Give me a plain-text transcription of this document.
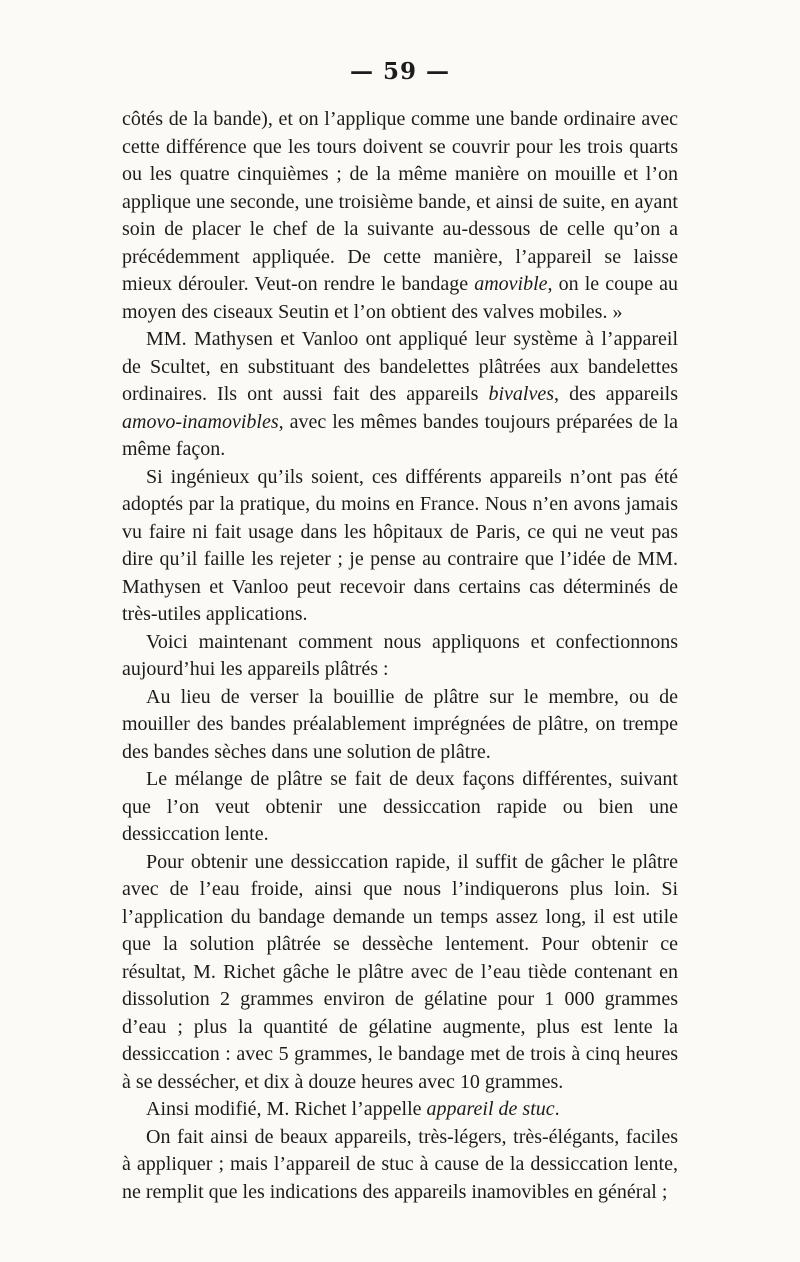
— 59 —

côtés de la bande), et on l’applique comme une bande ordinaire avec cette différence que les tours doivent se couvrir pour les trois quarts ou les quatre cinquièmes ; de la même manière on mouille et l’on applique une seconde, une troisième bande, et ainsi de suite, en ayant soin de placer le chef de la suivante au-dessous de celle qu’on a précédemment appliquée. De cette manière, l’appareil se laisse mieux dérouler. Veut-on rendre le bandage amovible, on le coupe au moyen des ciseaux Seutin et l’on obtient des valves mobiles. »

MM. Mathysen et Vanloo ont appliqué leur système à l’appareil de Scultet, en substituant des bandelettes plâtrées aux bandelettes ordinaires. Ils ont aussi fait des appareils bivalves, des appareils amovo-inamovibles, avec les mêmes bandes toujours préparées de la même façon.

Si ingénieux qu’ils soient, ces différents appareils n’ont pas été adoptés par la pratique, du moins en France. Nous n’en avons jamais vu faire ni fait usage dans les hôpitaux de Paris, ce qui ne veut pas dire qu’il faille les rejeter ; je pense au contraire que l’idée de MM. Mathysen et Vanloo peut recevoir dans certains cas déterminés de très-utiles applications.

Voici maintenant comment nous appliquons et confectionnons aujourd’hui les appareils plâtrés :

Au lieu de verser la bouillie de plâtre sur le membre, ou de mouiller des bandes préalablement imprégnées de plâtre, on trempe des bandes sèches dans une solution de plâtre.

Le mélange de plâtre se fait de deux façons différentes, suivant que l’on veut obtenir une dessiccation rapide ou bien une dessiccation lente.

Pour obtenir une dessiccation rapide, il suffit de gâcher le plâtre avec de l’eau froide, ainsi que nous l’indiquerons plus loin. Si l’application du bandage demande un temps assez long, il est utile que la solution plâtrée se dessèche lentement. Pour obtenir ce résultat, M. Richet gâche le plâtre avec de l’eau tiède contenant en dissolution 2 grammes environ de gélatine pour 1 000 grammes d’eau ; plus la quantité de gélatine augmente, plus est lente la dessiccation : avec 5 grammes, le bandage met de trois à cinq heures à se dessécher, et dix à douze heures avec 10 grammes.

Ainsi modifié, M. Richet l’appelle appareil de stuc.

On fait ainsi de beaux appareils, très-légers, très-élégants, faciles à appliquer ; mais l’appareil de stuc à cause de la dessiccation lente, ne remplit que les indications des appareils inamovibles en général ;
